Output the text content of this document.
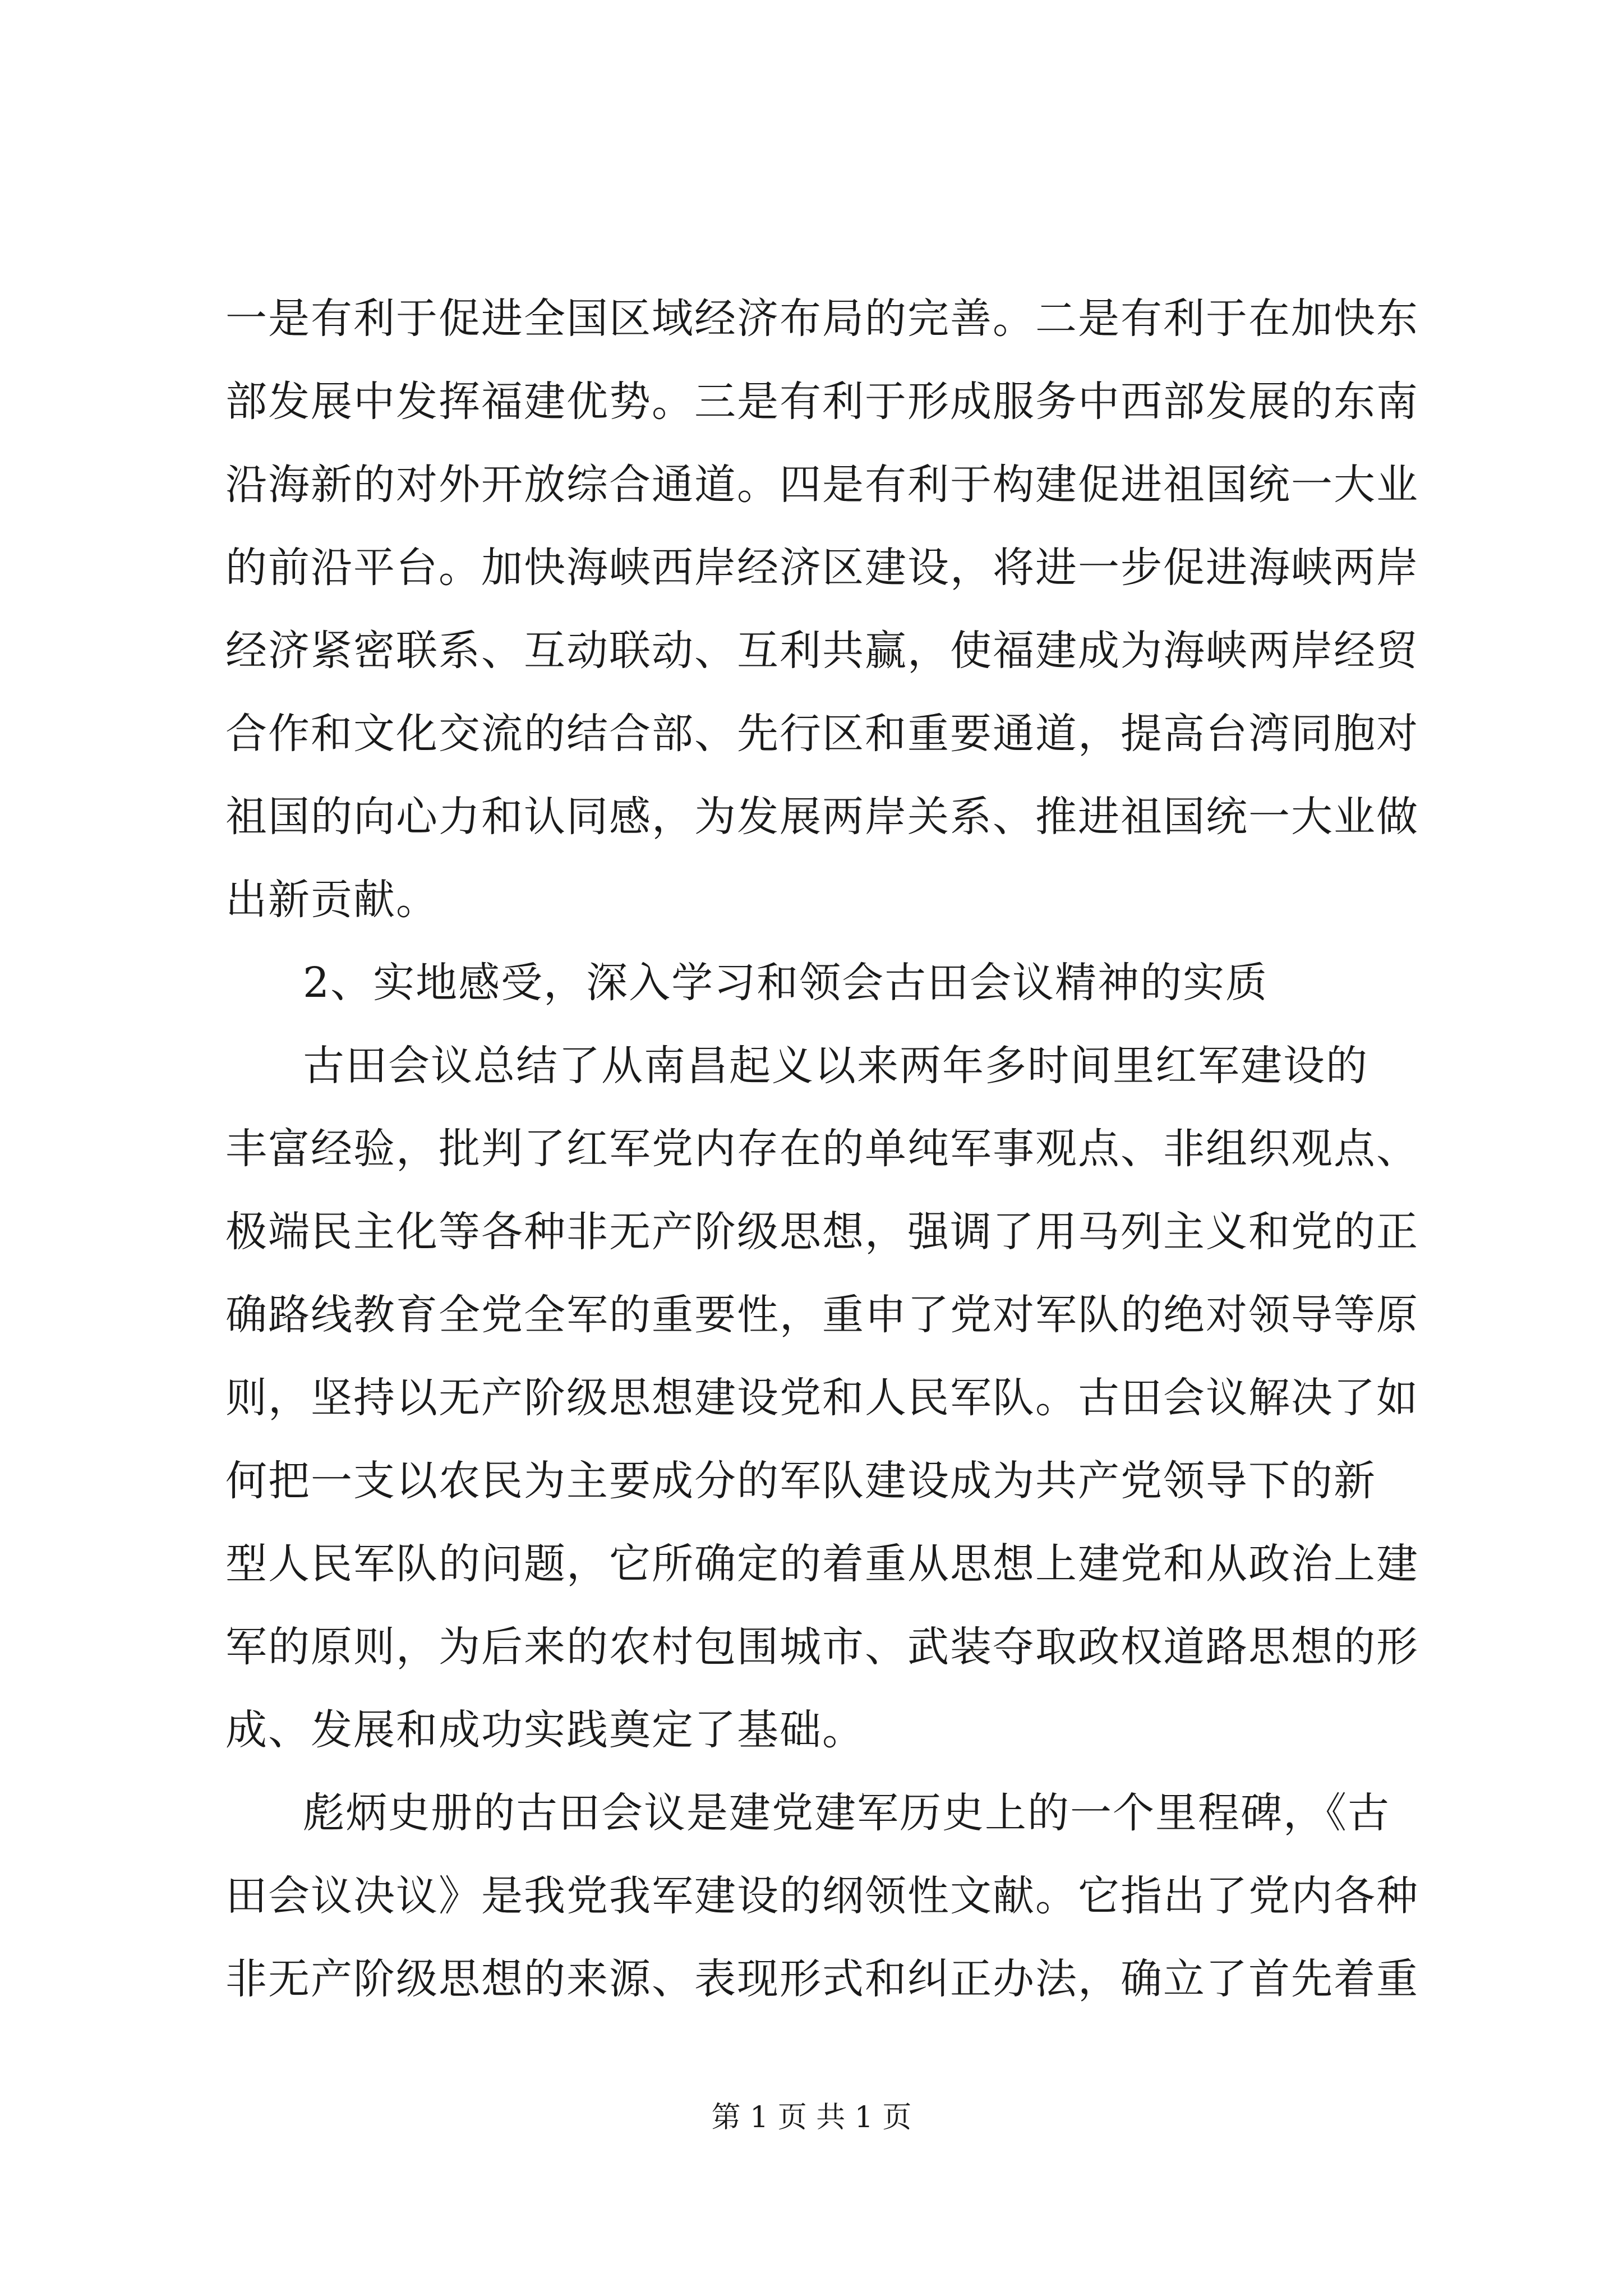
一是有利于促进全国区域经济布局的完善。二是有利于在加快东
部发展中发挥福建优势。三是有利于形成服务中西部发展的东南
沿海新的对外开放综合通道。四是有利于构建促进祖国统一大业
的前沿平台。加快海峡西岸经济区建设，将进一步促进海峡两岸
经济紧密联系、互动联动、互利共赢，使福建成为海峡两岸经贸
合作和文化交流的结合部、先行区和重要通道，提高台湾同胞对
祖国的向心力和认同感，为发展两岸关系、推进祖国统一大业做
出新贡献。
2、实地感受，深入学习和领会古田会议精神的实质
古田会议总结了从南昌起义以来两年多时间里红军建设的
丰富经验，批判了红军党内存在的单纯军事观点、非组织观点、
极端民主化等各种非无产阶级思想，强调了用马列主义和党的正
确路线教育全党全军的重要性，重申了党对军队的绝对领导等原
则，坚持以无产阶级思想建设党和人民军队。古田会议解决了如
何把一支以农民为主要成分的军队建设成为共产党领导下的新
型人民军队的问题，它所确定的着重从思想上建党和从政治上建
军的原则，为后来的农村包围城市、武装夺取政权道路思想的形
成、发展和成功实践奠定了基础。
彪炳史册的古田会议是建党建军历史上的一个里程碑，《古
田会议决议》是我党我军建设的纲领性文献。它指出了党内各种
非无产阶级思想的来源、表现形式和纠正办法，确立了首先着重
第 1 页 共 1 页
